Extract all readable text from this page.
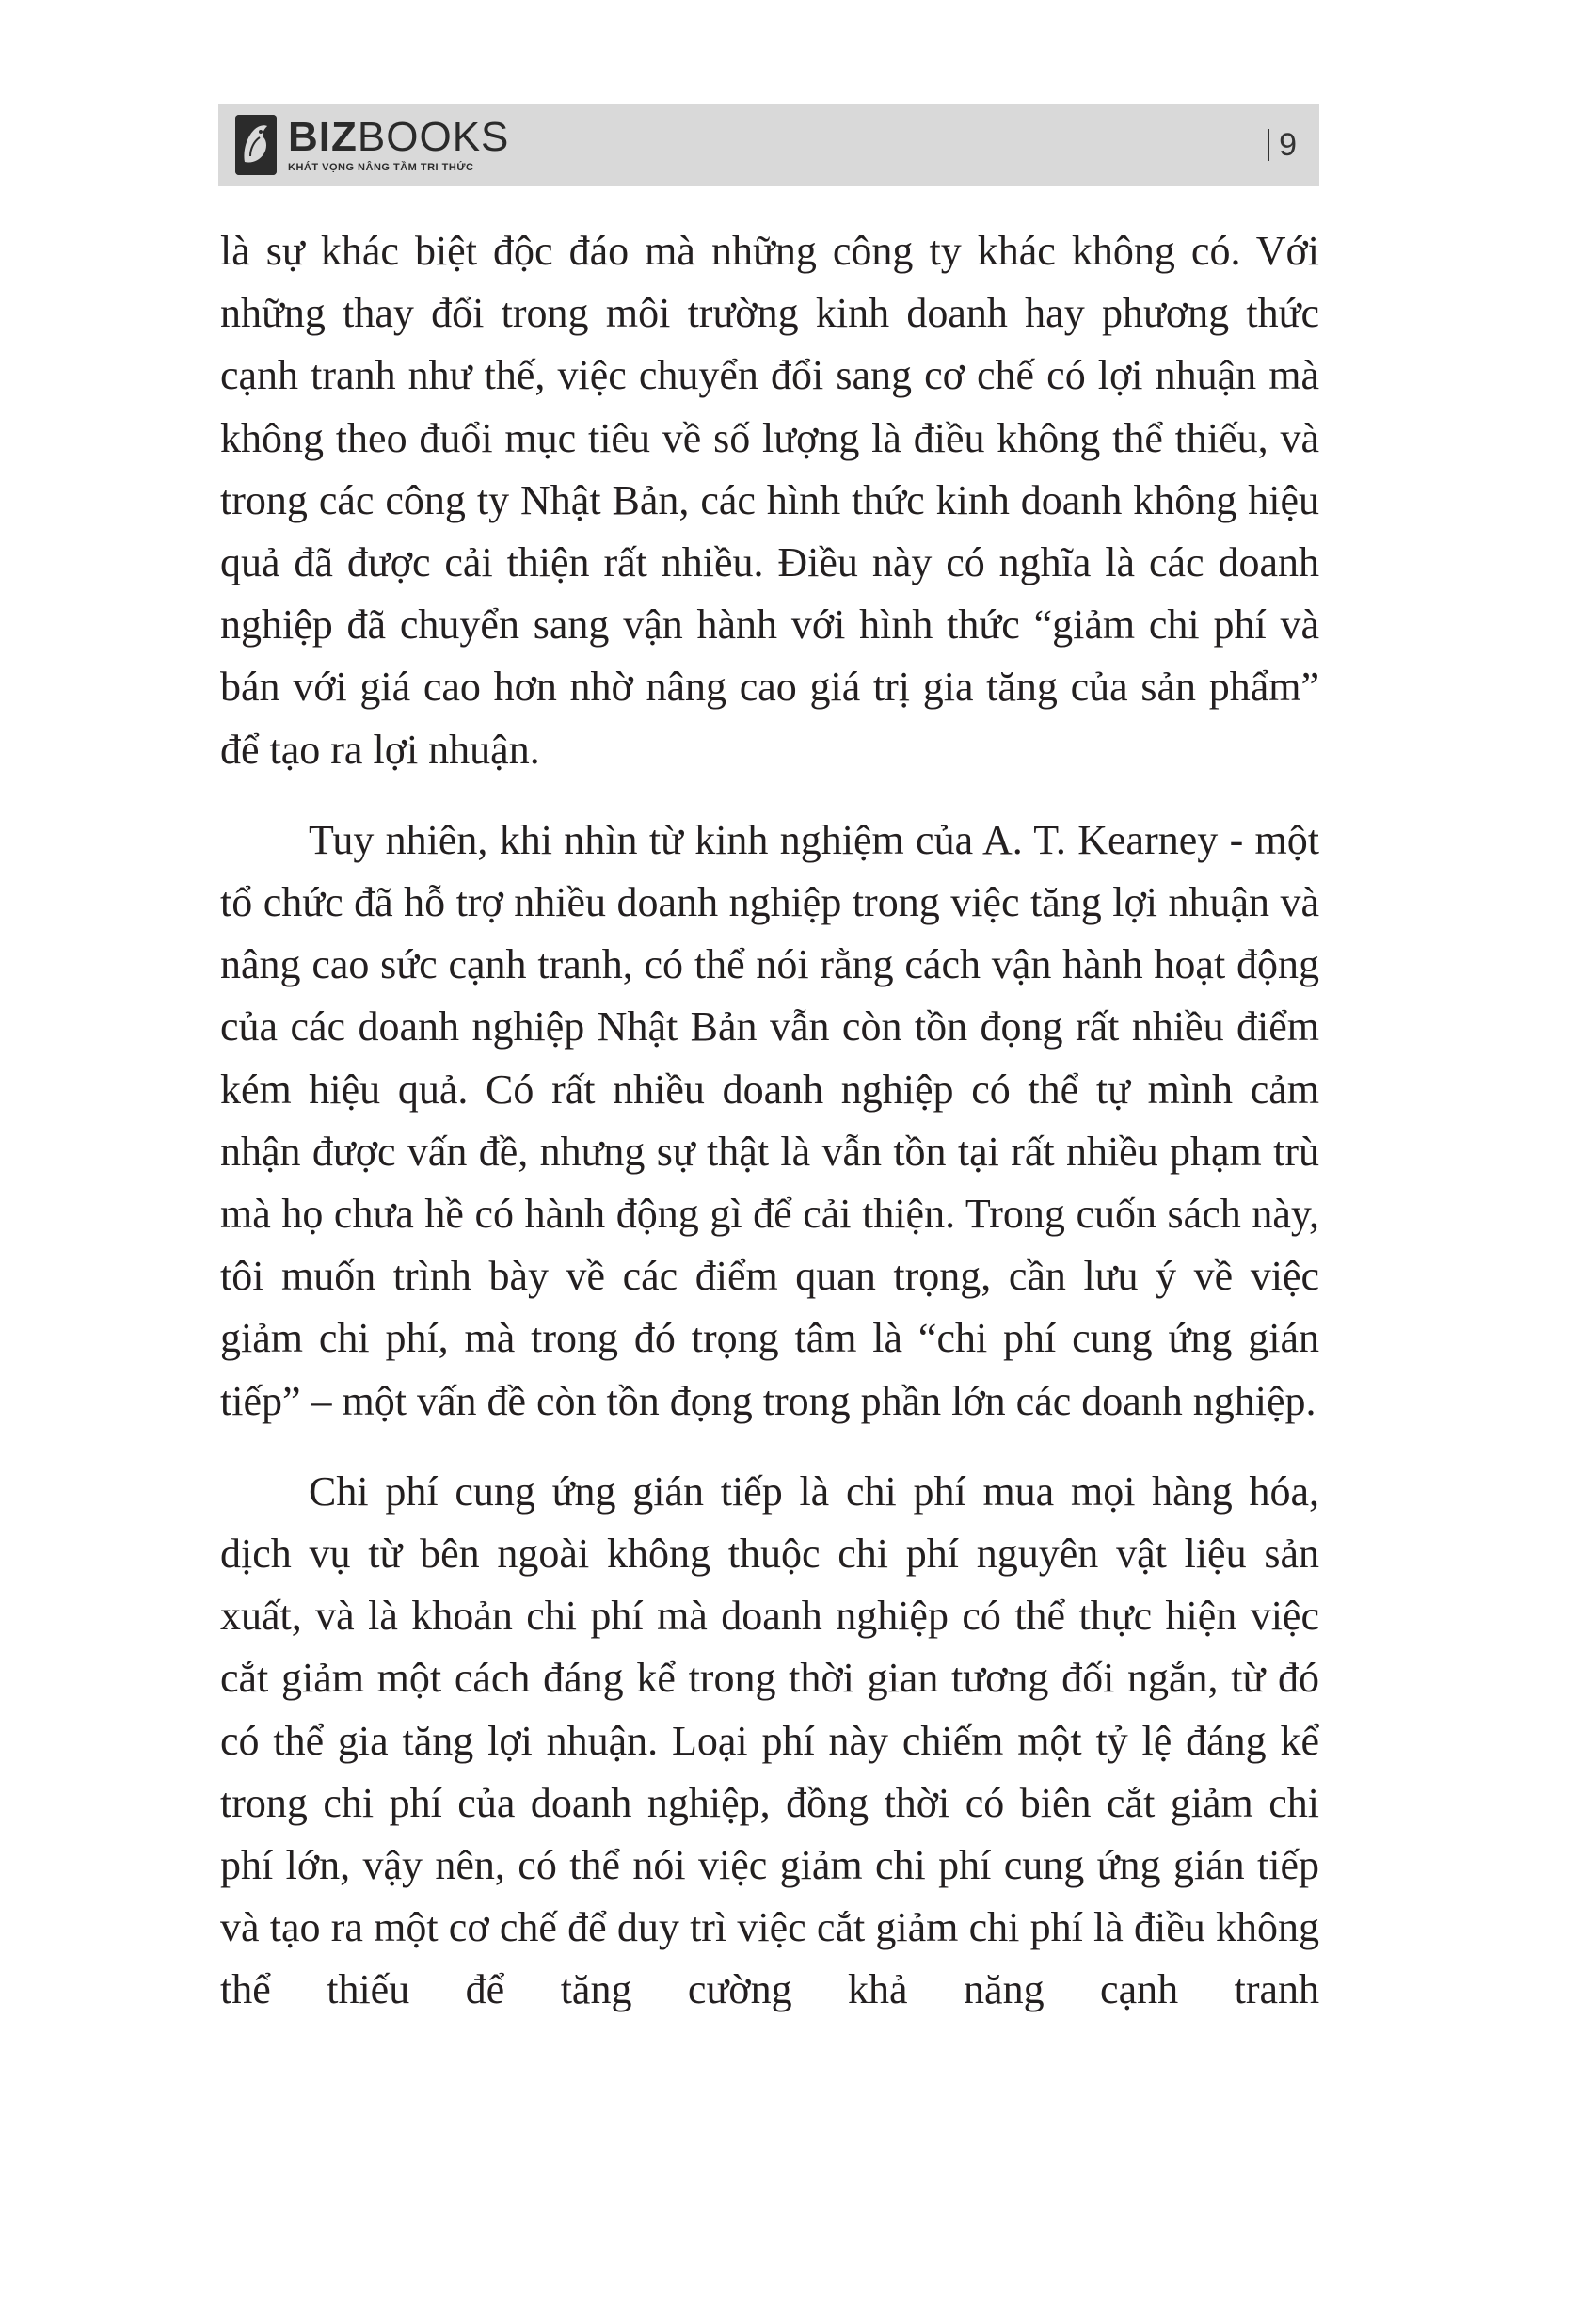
BIZBOOKS
KHÁT VỌNG NÂNG TẦM TRI THỨC
9

là sự khác biệt độc đáo mà những công ty khác không có. Với những thay đổi trong môi trường kinh doanh hay phương thức cạnh tranh như thế, việc chuyển đổi sang cơ chế có lợi nhuận mà không theo đuổi mục tiêu về số lượng là điều không thể thiếu, và trong các công ty Nhật Bản, các hình thức kinh doanh không hiệu quả đã được cải thiện rất nhiều. Điều này có nghĩa là các doanh nghiệp đã chuyển sang vận hành với hình thức “giảm chi phí và bán với giá cao hơn nhờ nâng cao giá trị gia tăng của sản phẩm” để tạo ra lợi nhuận.

Tuy nhiên, khi nhìn từ kinh nghiệm của A. T. Kearney - một tổ chức đã hỗ trợ nhiều doanh nghiệp trong việc tăng lợi nhuận và nâng cao sức cạnh tranh, có thể nói rằng cách vận hành hoạt động của các doanh nghiệp Nhật Bản vẫn còn tồn đọng rất nhiều điểm kém hiệu quả. Có rất nhiều doanh nghiệp có thể tự mình cảm nhận được vấn đề, nhưng sự thật là vẫn tồn tại rất nhiều phạm trù mà họ chưa hề có hành động gì để cải thiện. Trong cuốn sách này, tôi muốn trình bày về các điểm quan trọng, cần lưu ý về việc giảm chi phí, mà trong đó trọng tâm là “chi phí cung ứng gián tiếp” – một vấn đề còn tồn đọng trong phần lớn các doanh nghiệp.

Chi phí cung ứng gián tiếp là chi phí mua mọi hàng hóa, dịch vụ từ bên ngoài không thuộc chi phí nguyên vật liệu sản xuất, và là khoản chi phí mà doanh nghiệp có thể thực hiện việc cắt giảm một cách đáng kể trong thời gian tương đối ngắn, từ đó có thể gia tăng lợi nhuận. Loại phí này chiếm một tỷ lệ đáng kể trong chi phí của doanh nghiệp, đồng thời có biên cắt giảm chi phí lớn, vậy nên, có thể nói việc giảm chi phí cung ứng gián tiếp và tạo ra một cơ chế để duy trì việc cắt giảm chi phí là điều không thể thiếu để tăng cường khả năng cạnh tranh
